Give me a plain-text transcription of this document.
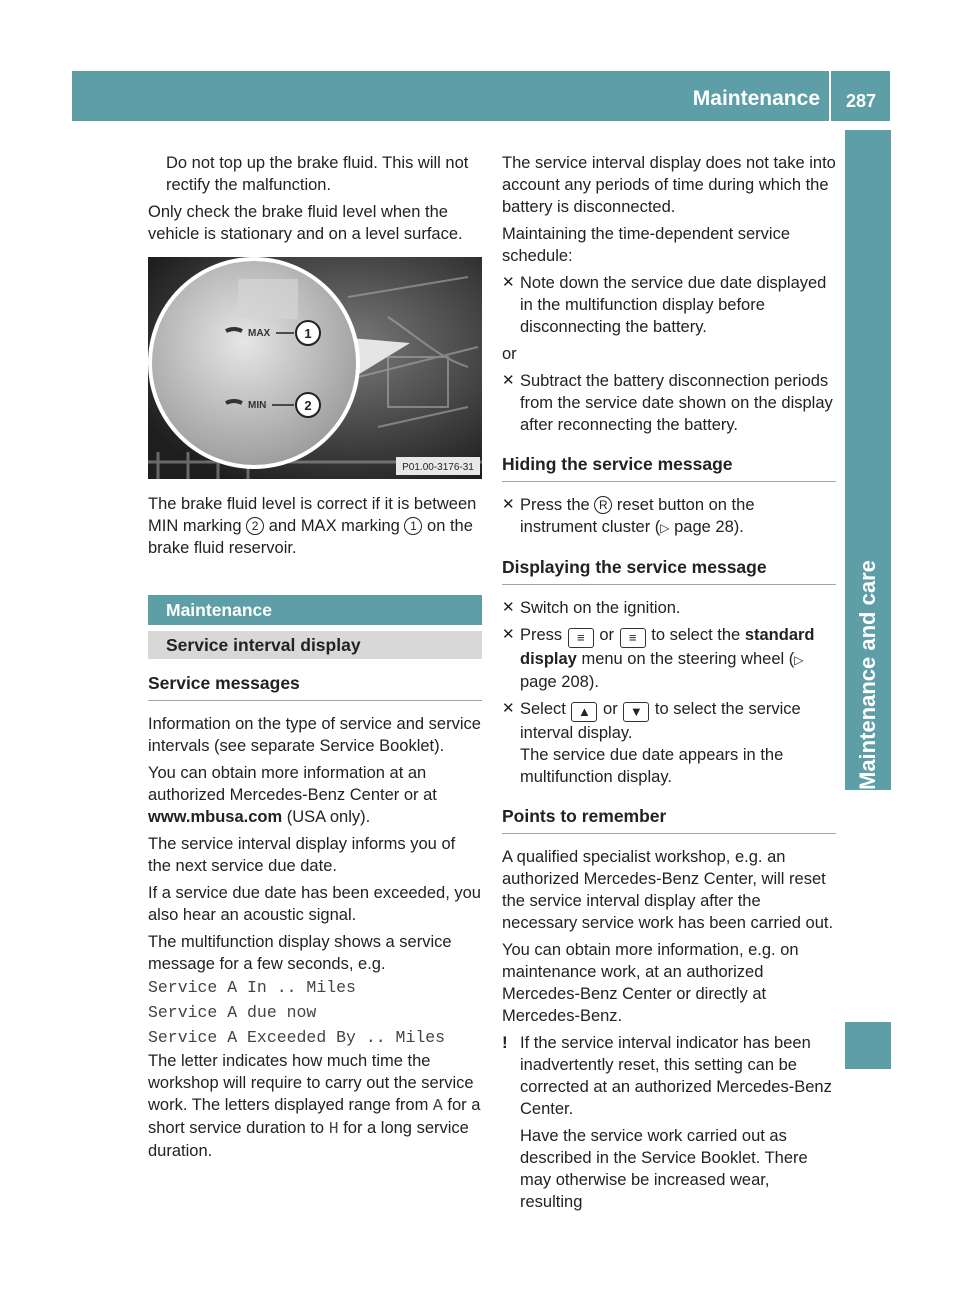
Maintenance	287
Maintenance and care

Do not top up the brake fluid. This will not rectify the malfunction.

Only check the brake fluid level when the vehicle is stationary and on a level surface.

MAX	1
MIN	2
P01.00-3176-31

The brake fluid level is correct if it is between MIN marking 2 and MAX marking 1 on the brake fluid reservoir.

Maintenance
Service interval display
Service messages

Information on the type of service and service intervals (see separate Service Booklet).

You can obtain more information at an authorized Mercedes-Benz Center or at www.mbusa.com (USA only).

The service interval display informs you of the next service due date.

If a service due date has been exceeded, you also hear an acoustic signal.

The multifunction display shows a service message for a few seconds, e.g.

Service A In .. Miles
Service A due now
Service A Exceeded By .. Miles

The letter indicates how much time the workshop will require to carry out the service work. The letters displayed range from A for a short service duration to H for a long service duration.

The service interval display does not take into account any periods of time during which the battery is disconnected.

Maintaining the time-dependent service schedule:

✕ Note down the service due date displayed in the multifunction display before disconnecting the battery.

or

✕ Subtract the battery disconnection periods from the service date shown on the display after reconnecting the battery.
Hiding the service message
✕ Press the R reset button on the instrument cluster (▷ page 28).
Displaying the service message
✕ Switch on the ignition.
✕ Press ≡ or ≡ to select the standard display menu on the steering wheel (▷ page 208).
✕ Select ▲ or ▼ to select the service interval display.
The service due date appears in the multifunction display.
Points to remember

A qualified specialist workshop, e.g. an authorized Mercedes-Benz Center, will reset the service interval display after the necessary service work has been carried out.

You can obtain more information, e.g. on maintenance work, at an authorized Mercedes-Benz Center or directly at Mercedes-Benz.

! If the service interval indicator has been inadvertently reset, this setting can be corrected at an authorized Mercedes-Benz Center.

Have the service work carried out as described in the Service Booklet. There may otherwise be increased wear, resulting
